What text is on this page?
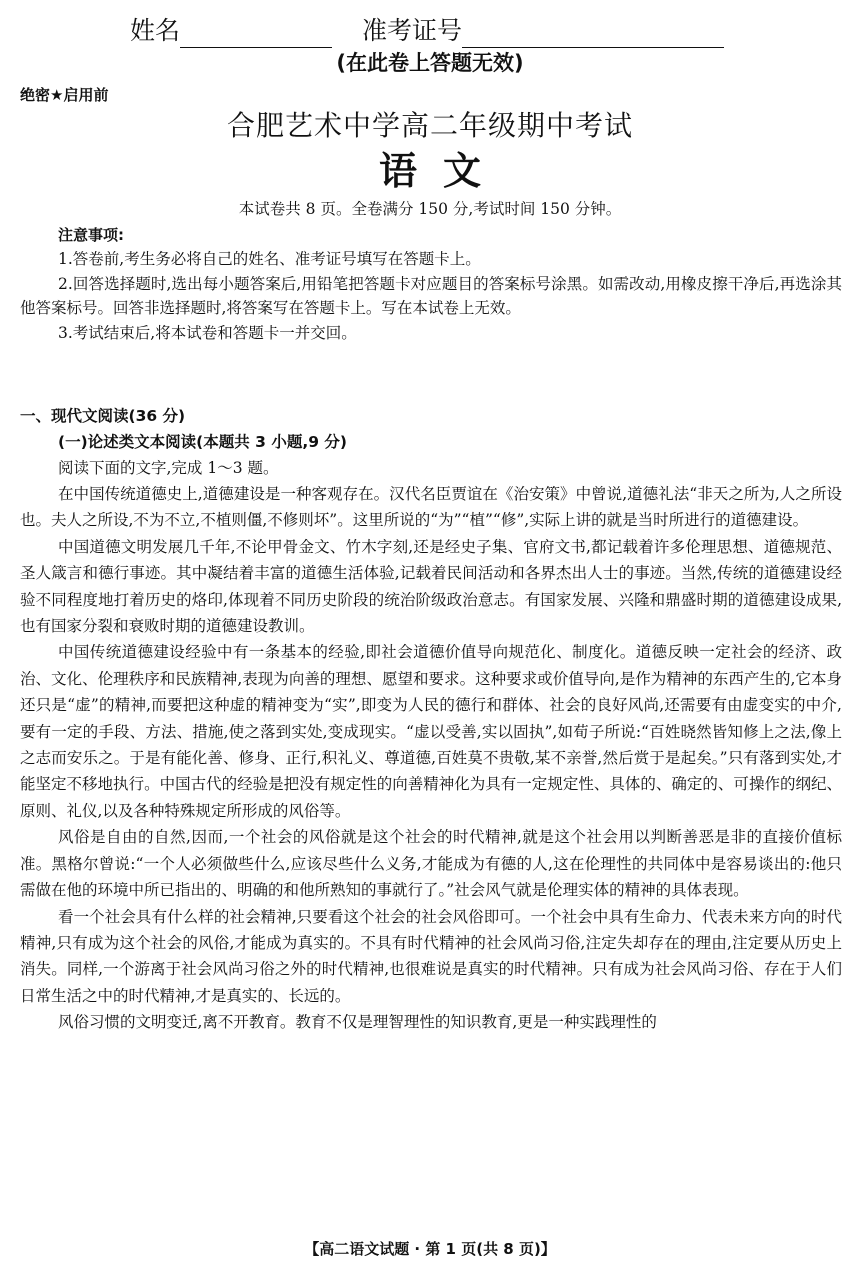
姓名	准考证号
(在此卷上答题无效)
绝密★启用前
合肥艺术中学高二年级期中考试
语文
本试卷共 8 页。全卷满分 150 分,考试时间 150 分钟。
注意事项:
1.答卷前,考生务必将自己的姓名、准考证号填写在答题卡上。
2.回答选择题时,选出每小题答案后,用铅笔把答题卡对应题目的答案标号涂黑。如需改动,用橡皮擦干净后,再选涂其他答案标号。回答非选择题时,将答案写在答题卡上。写在本试卷上无效。
3.考试结束后,将本试卷和答题卡一并交回。
一、现代文阅读(36 分)
(一)论述类文本阅读(本题共 3 小题,9 分)
阅读下面的文字,完成 1～3 题。

在中国传统道德史上,道德建设是一种客观存在。汉代名臣贾谊在《治安策》中曾说,道德礼法“非天之所为,人之所设也。夫人之所设,不为不立,不植则僵,不修则坏”。这里所说的“为”“植”“修”,实际上讲的就是当时所进行的道德建设。

中国道德文明发展几千年,不论甲骨金文、竹木字刻,还是经史子集、官府文书,都记载着许多伦理思想、道德规范、圣人箴言和德行事迹。其中凝结着丰富的道德生活体验,记载着民间活动和各界杰出人士的事迹。当然,传统的道德建设经验不同程度地打着历史的烙印,体现着不同历史阶段的统治阶级政治意志。有国家发展、兴隆和鼎盛时期的道德建设成果,也有国家分裂和衰败时期的道德建设教训。

中国传统道德建设经验中有一条基本的经验,即社会道德价值导向规范化、制度化。道德反映一定社会的经济、政治、文化、伦理秩序和民族精神,表现为向善的理想、愿望和要求。这种要求或价值导向,是作为精神的东西产生的,它本身还只是“虚”的精神,而要把这种虚的精神变为“实”,即变为人民的德行和群体、社会的良好风尚,还需要有由虚变实的中介,要有一定的手段、方法、措施,使之落到实处,变成现实。“虚以受善,实以固执”,如荀子所说:“百姓晓然皆知修上之法,像上之志而安乐之。于是有能化善、修身、正行,积礼义、尊道德,百姓莫不贵敬,某不亲誉,然后赏于是起矣。”只有落到实处,才能坚定不移地执行。中国古代的经验是把没有规定性的向善精神化为具有一定规定性、具体的、确定的、可操作的纲纪、原则、礼仪,以及各种特殊规定所形成的风俗等。

风俗是自由的自然,因而,一个社会的风俗就是这个社会的时代精神,就是这个社会用以判断善恶是非的直接价值标准。黑格尔曾说:“一个人必须做些什么,应该尽些什么义务,才能成为有德的人,这在伦理性的共同体中是容易谈出的:他只需做在他的环境中所已指出的、明确的和他所熟知的事就行了。”社会风气就是伦理实体的精神的具体表现。

看一个社会具有什么样的社会精神,只要看这个社会的社会风俗即可。一个社会中具有生命力、代表未来方向的时代精神,只有成为这个社会的风俗,才能成为真实的。不具有时代精神的社会风尚习俗,注定失却存在的理由,注定要从历史上消失。同样,一个游离于社会风尚习俗之外的时代精神,也很难说是真实的时代精神。只有成为社会风尚习俗、存在于人们日常生活之中的时代精神,才是真实的、长远的。

风俗习惯的文明变迁,离不开教育。教育不仅是理智理性的知识教育,更是一种实践理性的

【高二语文试题 · 第 1 页(共 8 页)】
